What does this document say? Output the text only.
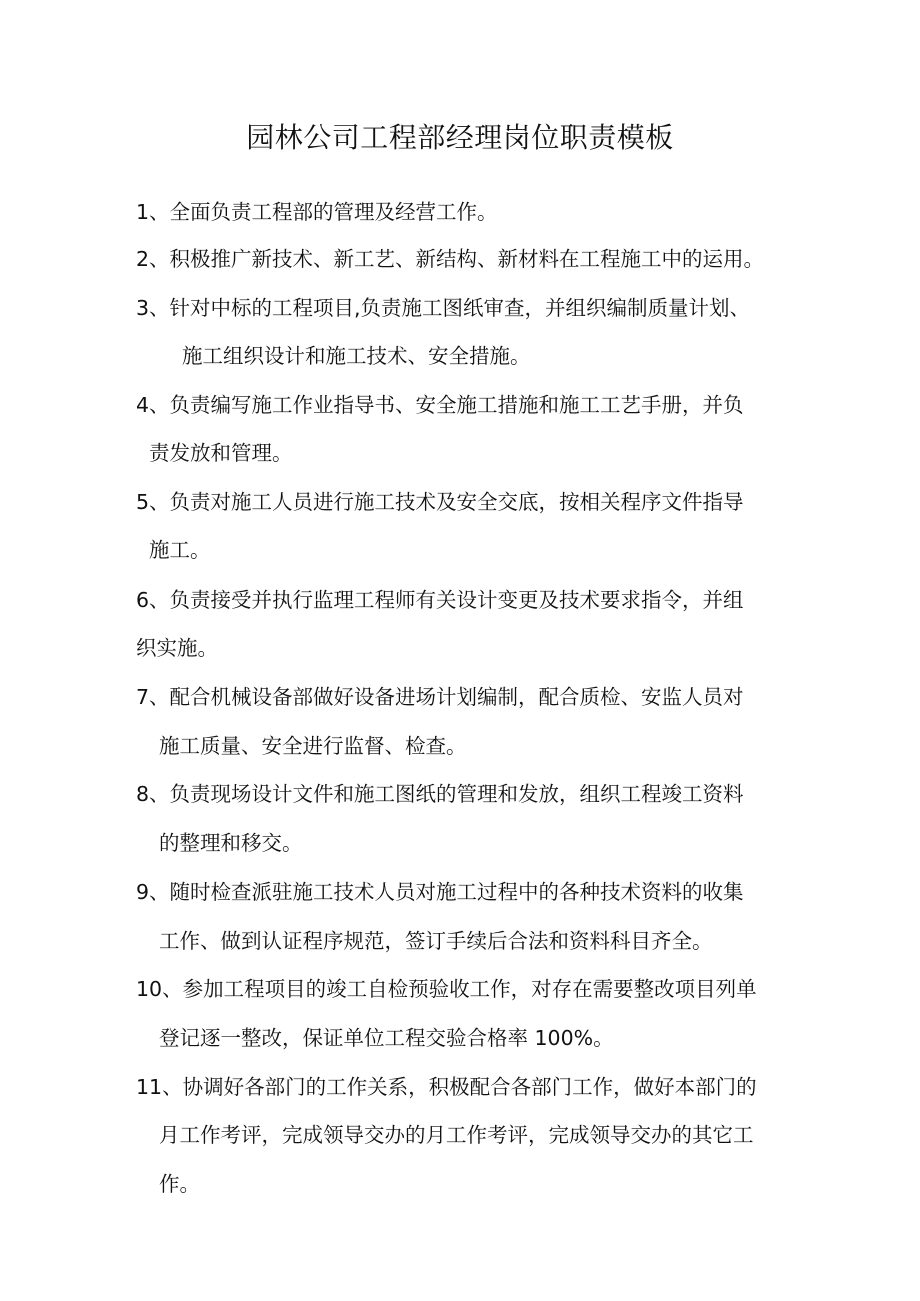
园林公司工程部经理岗位职责模板
1、全面负责工程部的管理及经营工作。
2、积极推广新技术、新工艺、新结构、新材料在工程施工中的运用。
3、针对中标的工程项目,负责施工图纸审查，并组织编制质量计划、
施工组织设计和施工技术、安全措施。
4、负责编写施工作业指导书、安全施工措施和施工工艺手册，并负
责发放和管理。
5、负责对施工人员进行施工技术及安全交底，按相关程序文件指导
施工。
6、负责接受并执行监理工程师有关设计变更及技术要求指令，并组
织实施。
7、配合机械设备部做好设备进场计划编制，配合质检、安监人员对
施工质量、安全进行监督、检查。
8、负责现场设计文件和施工图纸的管理和发放，组织工程竣工资料
的整理和移交。
9、随时检查派驻施工技术人员对施工过程中的各种技术资料的收集
工作、做到认证程序规范，签订手续后合法和资料科目齐全。
10、参加工程项目的竣工自检预验收工作，对存在需要整改项目列单
登记逐一整改，保证单位工程交验合格率 100%。
11、协调好各部门的工作关系，积极配合各部门工作，做好本部门的
月工作考评，完成领导交办的月工作考评，完成领导交办的其它工
作。
